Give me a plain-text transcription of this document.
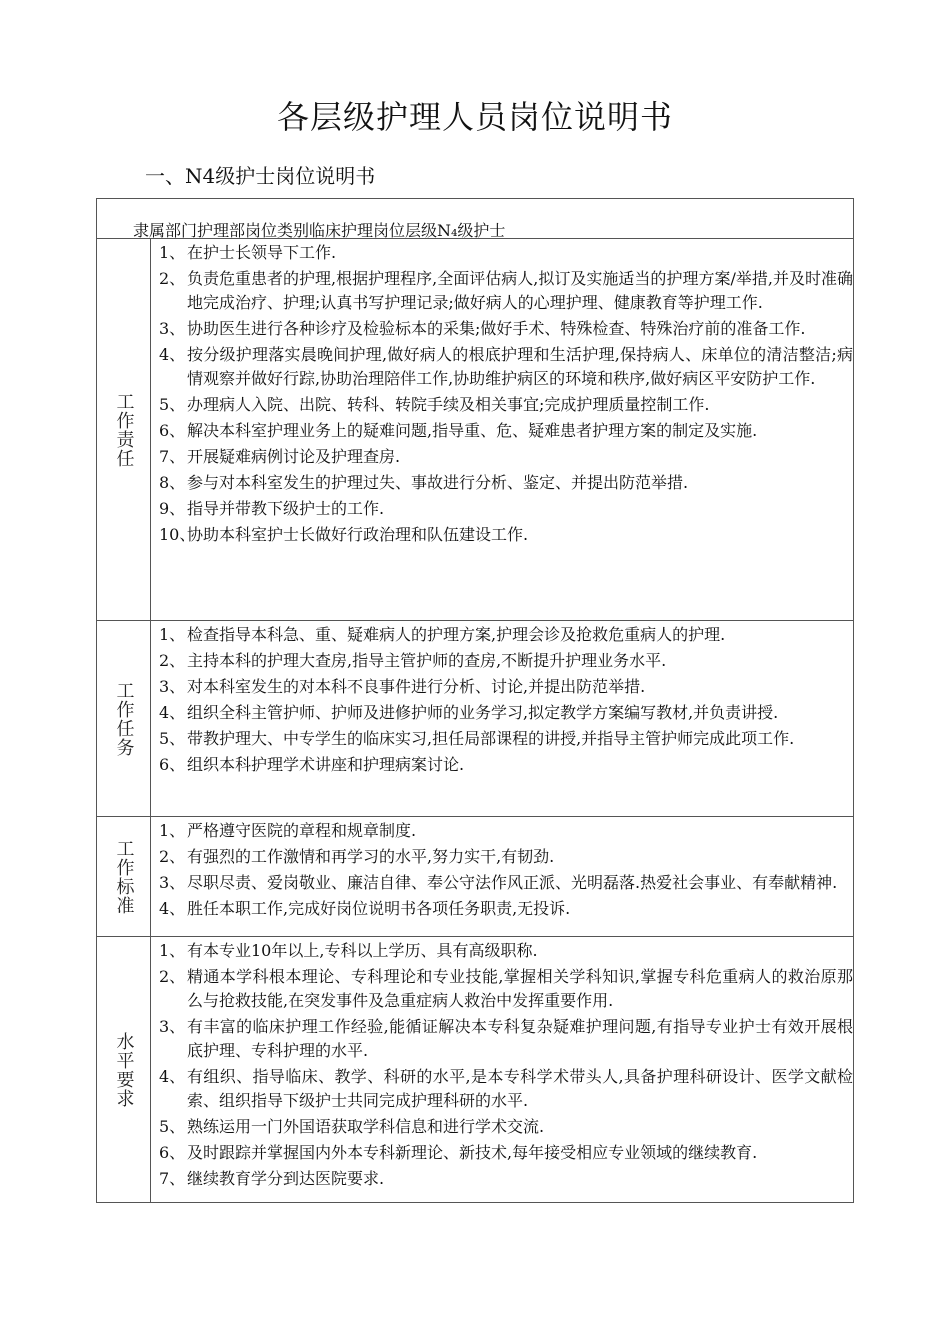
各层级护理人员岗位说明书
一、N4级护士岗位说明书
隶属部门护理部岗位类别临床护理岗位层级N₄级护士
工作责任
1、 在护士长领导下工作.
2、 负责危重患者的护理,根据护理程序,全面评估病人,拟订及实施适当的护理方案/举措,并及时准确地完成治疗、护理;认真书写护理记录;做好病人的心理护理、健康教育等护理工作.
3、 协助医生进行各种诊疗及检验标本的采集;做好手术、特殊检查、特殊治疗前的准备工作.
4、 按分级护理落实晨晚间护理,做好病人的根底护理和生活护理,保持病人、床单位的清洁整洁;病情观察并做好行踪,协助治理陪伴工作,协助维护病区的环境和秩序,做好病区平安防护工作.
5、 办理病人入院、出院、转科、转院手续及相关事宜;完成护理质量控制工作.
6、 解决本科室护理业务上的疑难问题,指导重、危、疑难患者护理方案的制定及实施.
7、 开展疑难病例讨论及护理查房.
8、 参与对本科室发生的护理过失、事故进行分析、鉴定、并提出防范举措.
9、 指导并带教下级护士的工作.
10、
协助本科室护士长做好行政治理和队伍建设工作.
工作任务
1、 检查指导本科急、重、疑难病人的护理方案,护理会诊及抢救危重病人的护理.
2、 主持本科的护理大查房,指导主管护师的查房,不断提升护理业务水平.
3、 对本科室发生的对本科不良事件进行分析、讨论,并提出防范举措.
4、 组织全科主管护师、护师及进修护师的业务学习,拟定教学方案编写教材,并负责讲授.
5、 带教护理大、中专学生的临床实习,担任局部课程的讲授,并指导主管护师完成此项工作.
6、 组织本科护理学术讲座和护理病案讨论.
工作标准
1、 严格遵守医院的章程和规章制度.
2、 有强烈的工作激情和再学习的水平,努力实干,有韧劲.
3、 尽职尽责、爱岗敬业、廉洁自律、奉公守法作风正派、光明磊落.热爱社会事业、有奉献精神.
4、 胜任本职工作,完成好岗位说明书各项任务职责,无投诉.
水平要求
1、 有本专业10年以上,专科以上学历、具有高级职称.
2、 精通本学科根本理论、专科理论和专业技能,掌握相关学科知识,掌握专科危重病人的救治原那么与抢救技能,在突发事件及急重症病人救治中发挥重要作用.
3、 有丰富的临床护理工作经验,能循证解决本专科复杂疑难护理问题,有指导专业护士有效开展根底护理、专科护理的水平.
4、 有组织、指导临床、教学、科研的水平,是本专科学术带头人,具备护理科研设计、医学文献检索、组织指导下级护士共同完成护理科研的水平.
5、 熟练运用一门外国语获取学科信息和进行学术交流.
6、 及时跟踪并掌握国内外本专科新理论、新技术,每年接受相应专业领域的继续教育.
7、 继续教育学分到达医院要求.
